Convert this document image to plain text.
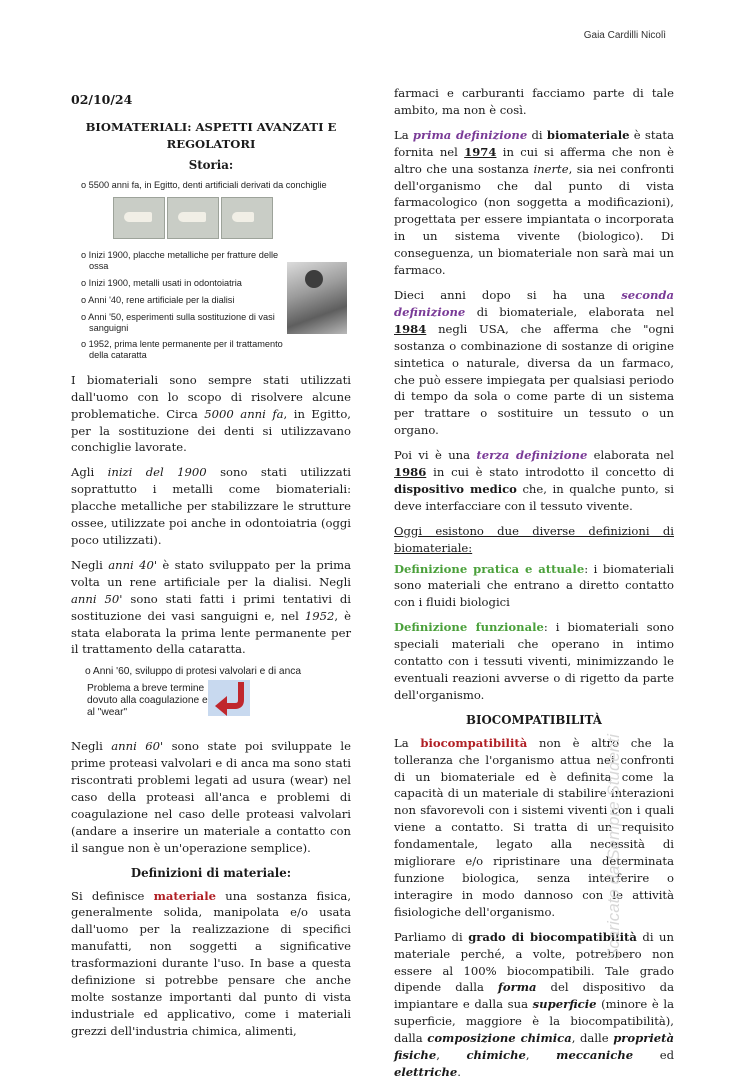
Gaia Cardilli Nicolì
02/10/24
BIOMATERIALI: ASPETTI AVANZATI E
REGOLATORI
Storia:
o 5500 anni fa, in Egitto, denti artificiali derivati da conchiglie
o Inizi 1900, placche metalliche per fratture delle
ossa
o Inizi 1900, metalli usati in odontoiatria
o Anni '40, rene artificiale per la dialisi
o Anni '50, esperimenti sulla sostituzione di vasi
sanguigni
o 1952, prima lente permanente per il trattamento
della cataratta

I biomateriali sono sempre stati utilizzati dall'uomo con lo scopo di risolvere alcune problematiche. Circa 5000 anni fa, in Egitto, per la sostituzione dei denti si utilizzavano conchiglie lavorate.

Agli inizi del 1900 sono stati utilizzati soprattutto i metalli come biomateriali: placche metalliche per stabilizzare le strutture ossee, utilizzate poi anche in odontoiatria (oggi poco utilizzati).

Negli anni 40' è stato sviluppato per la prima volta un rene artificiale per la dialisi. Negli anni 50' sono stati fatti i primi tentativi di sostituzione dei vasi sanguigni e, nel 1952, è stata elaborata la prima lente permanente per il trattamento della cataratta.

o Anni '60, sviluppo di protesi valvolari e di anca
Problema a breve termine dovuto alla coagulazione e al "wear"

Negli anni 60' sono state poi sviluppate le prime proteasi valvolari e di anca ma sono stati riscontrati problemi legati ad usura (wear) nel caso della proteasi all'anca e problemi di coagulazione nel caso delle proteasi valvolari (andare a inserire un materiale a contatto con il sangue non è un'operazione semplice).

Definizioni di materiale:

Si definisce materiale una sostanza fisica, generalmente solida, manipolata e/o usata dall'uomo per la realizzazione di specifici manufatti, non soggetti a significative trasformazioni durante l'uso. In base a questa definizione si potrebbe pensare che anche molte sostanze importanti dal punto di vista industriale ed applicativo, come i materiali grezzi dell'industria chimica, alimenti,

farmaci e carburanti facciamo parte di tale ambito, ma non è così.

La prima definizione di biomateriale è stata fornita nel 1974 in cui si afferma che non è altro che una sostanza inerte, sia nei confronti dell'organismo che dal punto di vista farmacologico (non soggetta a modificazioni), progettata per essere impiantata o incorporata in un sistema vivente (biologico). Di conseguenza, un biomateriale non sarà mai un farmaco.

Dieci anni dopo si ha una seconda definizione di biomateriale, elaborata nel 1984 negli USA, che afferma che "ogni sostanza o combinazione di sostanze di origine sintetica o naturale, diversa da un farmaco, che può essere impiegata per qualsiasi periodo di tempo da sola o come parte di un sistema per trattare o sostituire un tessuto o un organo.

Poi vi è una terza definizione elaborata nel 1986 in cui è stato introdotto il concetto di dispositivo medico che, in qualche punto, si deve interfacciare con il tessuto vivente.

Oggi esistono due diverse definizioni di biomateriale:

Definizione pratica e attuale: i biomateriali sono materiali che entrano a diretto contatto con i fluidi biologici

Definizione funzionale: i biomateriali sono speciali materiali che operano in intimo contatto con i tessuti viventi, minimizzando le eventuali reazioni avverse o di rigetto da parte dell'organismo.

BIOCOMPATIBILITÀ

La biocompatibilità non è altro che la tolleranza che l'organismo attua nei confronti di un biomateriale ed è definita come la capacità di un materiale di stabilire interazioni non sfavorevoli con i sistemi viventi con i quali viene a contatto. Si tratta di un requisito fondamentale, legato alla necessità di migliorare e/o ripristinare una determinata funzione biologica, senza interferire o interagire in modo dannoso con le attività fisiologiche dell'organismo.

Parliamo di grado di biocompatibilità di un materiale perché, a volte, potrebbero non essere al 100% biocompatibili. Tale grado dipende dalla forma del dispositivo da impiantare e dalla sua superficie (minore è la superficie, maggiore è la biocompatibilità), dalla composizione chimica, dalle proprietà fisiche, chimiche, meccaniche ed elettriche.

Scaricato da Sempre Studenti
